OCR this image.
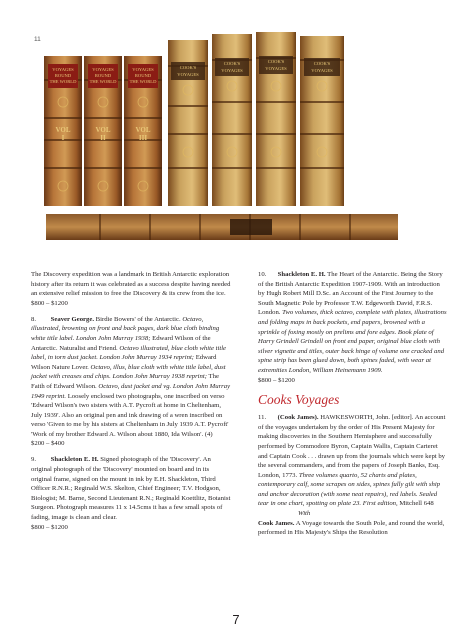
11
VOYAGES
ROUND
THE WORLD
VOYAGES
ROUND
THE WORLD
VOYAGES
ROUND
THE WORLD
COOK'S
VOYAGES
COOK'S
VOYAGES
COOK'S
VOYAGES
COOK'S
VOYAGES
VOL
I
VOL
II
VOL
III

The Discovery expedition was a landmark in British Antarctic exploration history after its return it was celebrated as a success despite having needed an extensive relief mission to free the Discovery & its crew from the ice.
$800 – $1200

8. Seaver George. Birdie Bowers' of the Antarctic. Octavo, illustrated, browning on front and back pages, dark blue cloth binding white title label. London John Murray 1938; Edward Wilson of the Antarctic. Naturalist and Friend. Octavo illustrated, blue cloth white title label, in torn dust jacket. London John Murray 1934 reprint; Edward Wilson Nature Lover. Octavo, illus, blue cloth with white title label, dust jacket with creases and chips. London John Murray 1938 reprint; The Faith of Edward Wilson. Octavo, dust jacket and vg. London John Murray 1949 reprint. Loosely enclosed two photographs, one inscribed on verso 'Edward Wilson's two sisters with A.T. Pycroft at home in Cheltenham, July 1939'. Also an original pen and ink drawing of a wren inscribed on verso 'Given to me by his sisters at Cheltenham in July 1939 A.T. Pycroft' 'Work of my brother Edward A. Wilson about 1880, Ida Wilson'. (4)
$200 – $400

9. Shackleton E. H. Signed photograph of the 'Discovery'. An original photograph of the 'Discovery' mounted on board and in its original frame, signed on the mount in ink by E.H. Shackleton, Third Officer R.N.R.; Reginald W.S. Skelton, Chief Engineer; T.V. Hodgson, Biologist; M. Barne, Second Lieutenant R.N.; Reginald Koettlitz, Botanist Surgeon. Photograph measures 11 x 14.5cms it has a few small spots of fading, image is clean and clear.
$800 – $1200

10. Shackleton E. H. The Heart of the Antarctic. Being the Story of the British Antarctic Expedition 1907-1909. With an introduction by Hugh Robert Mill D.Sc. an Account of the First Journey to the South Magnetic Pole by Professor T.W. Edgeworth David, F.R.S. London. Two volumes, thick octavo, complete with plates, illustrations and folding maps in back pockets, end papers, browned with a sprinkle of foxing mostly on prelims and fore edges. Book plate of Harry Grindell Grindell on front end paper, original blue cloth with silver vignette and titles, outer back hinge of volume one cracked and spine strip has been glued down, both spines faded, with wear at extremities London, William Heinemann 1909.
$800 – $1200

Cooks Voyages

11. (Cook James). HAWKESWORTH, John. [editor]. An account of the voyages undertaken by the order of His Present Majesty for making discoveries in the Southern Hemisphere and successfully performed by Commodore Byron, Captain Wallis, Captain Carteret and Captain Cook . . . drawn up from the journals which were kept by the several commanders, and from the papers of Joseph Banks, Esq. London, 1773. Three volumes quarto, 52 charts and plates, contemporary calf, some scrapes on sides, spines fully gilt with ship and anchor decoration (with some neat repairs), red labels. Sealed tear in one chart, spotting on plate 23. First edition, Mitchell 648
With
Cook James. A Voyage towards the South Pole, and round the world, performed in His Majesty's Ships the Resolution

7
